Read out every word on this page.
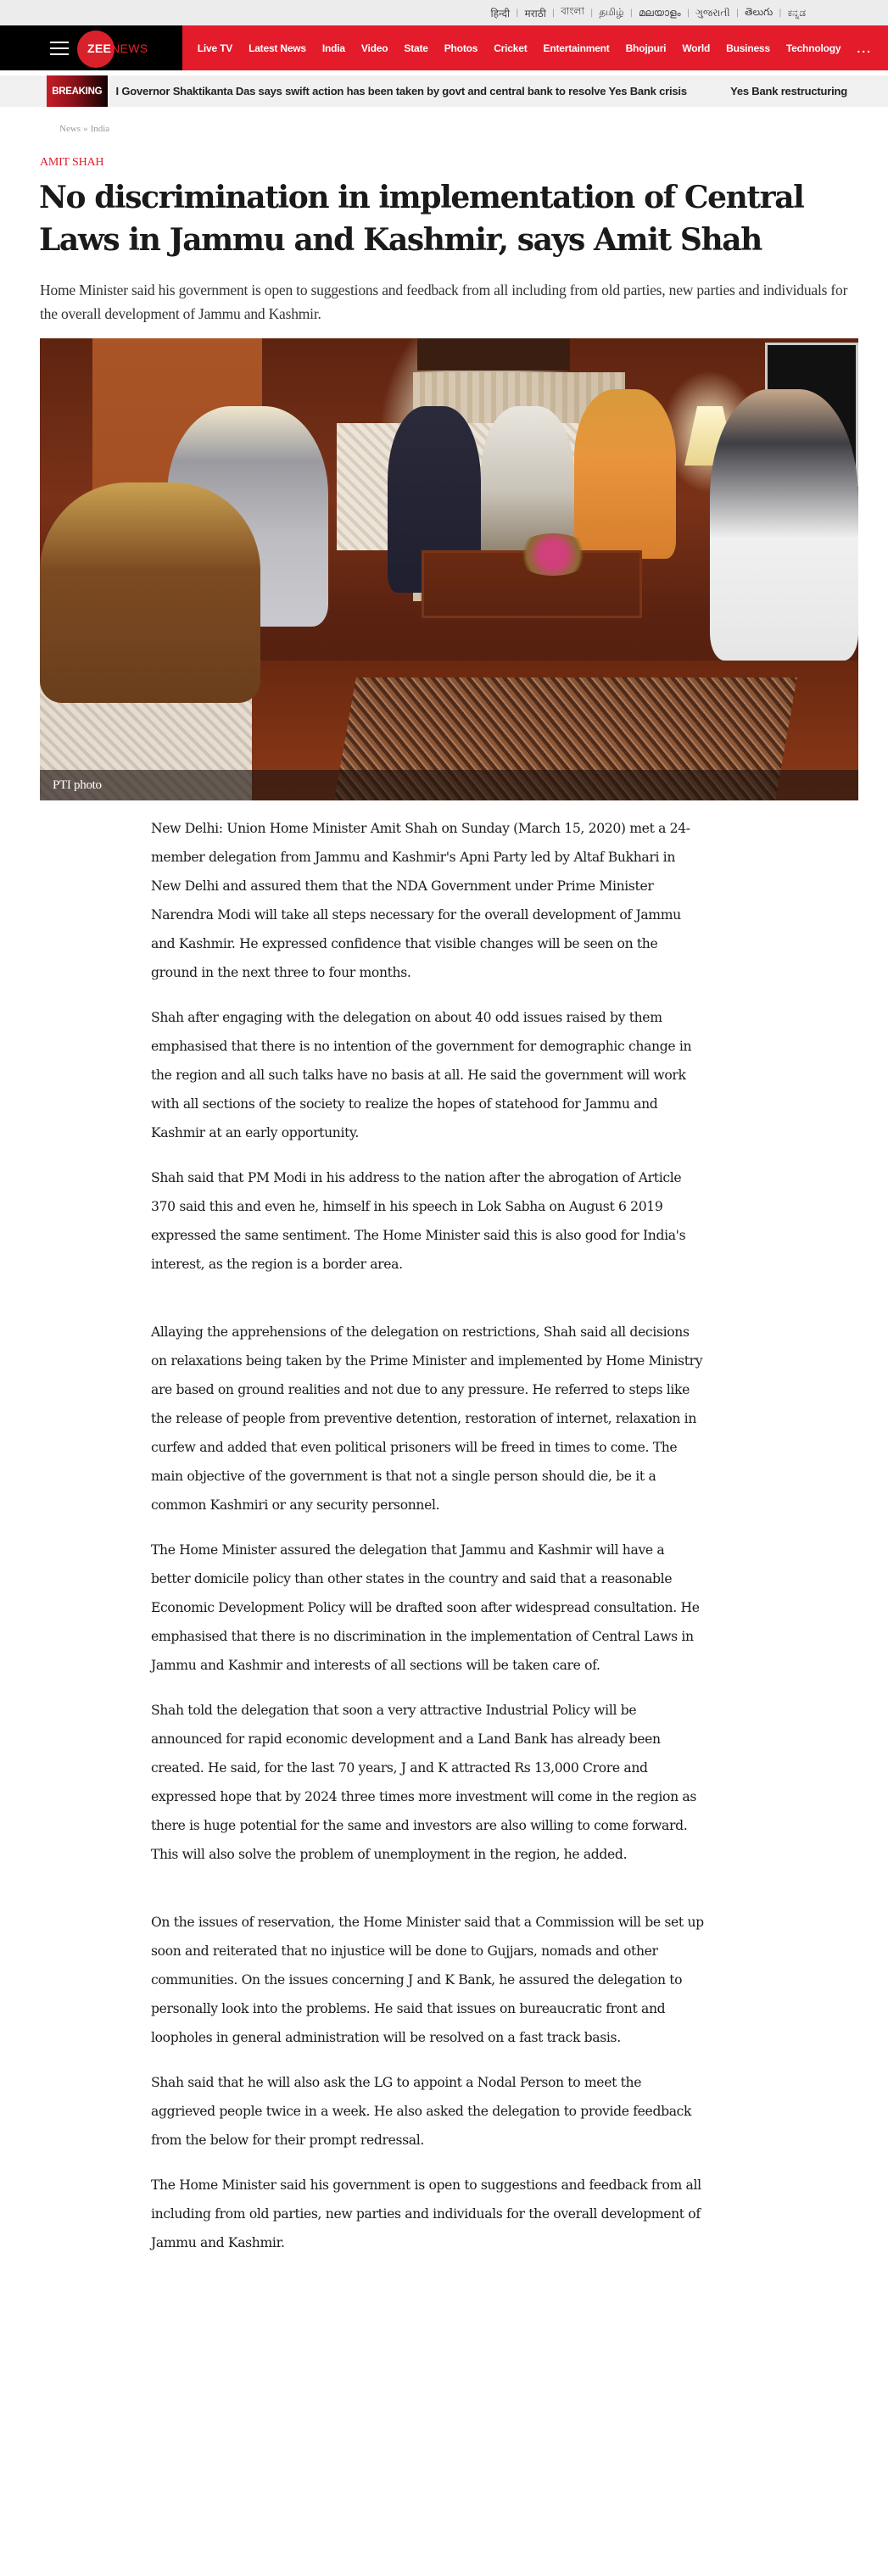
हिन्दी | मराठी | বাংলা | தமிழ் | മലയാളം | ગુજરાતી | తెలుగు | ಕನ್ನಡ
ZEE NEWS	Live TV Latest News India Video State Photos Cricket Entertainment Bhojpuri World Business Technology ...
BREAKING	I Governor Shaktikanta Das says swift action has been taken by govt and central bank to resolve Yes Bank crisis	Yes Bank restructuring
News » India
AMIT SHAH
No discrimination in implementation of Central Laws in Jammu and Kashmir, says Amit Shah

Home Minister said his government is open to suggestions and feedback from all including from old parties, new parties and individuals for the overall development of Jammu and Kashmir.

PTI photo

New Delhi: Union Home Minister Amit Shah on Sunday (March 15, 2020) met a 24-member delegation from Jammu and Kashmir's Apni Party led by Altaf Bukhari in New Delhi and assured them that the NDA Government under Prime Minister Narendra Modi will take all steps necessary for the overall development of Jammu and Kashmir. He expressed confidence that visible changes will be seen on the ground in the next three to four months.

Shah after engaging with the delegation on about 40 odd issues raised by them emphasised that there is no intention of the government for demographic change in the region and all such talks have no basis at all. He said the government will work with all sections of the society to realize the hopes of statehood for Jammu and Kashmir at an early opportunity.

Shah said that PM Modi in his address to the nation after the abrogation of Article 370 said this and even he, himself in his speech in Lok Sabha on August 6 2019 expressed the same sentiment. The Home Minister said this is also good for India's interest, as the region is a border area.

Allaying the apprehensions of the delegation on restrictions, Shah said all decisions on relaxations being taken by the Prime Minister and implemented by Home Ministry are based on ground realities and not due to any pressure. He referred to steps like the release of people from preventive detention, restoration of internet, relaxation in curfew and added that even political prisoners will be freed in times to come. The main objective of the government is that not a single person should die, be it a common Kashmiri or any security personnel.

The Home Minister assured the delegation that Jammu and Kashmir will have a better domicile policy than other states in the country and said that a reasonable Economic Development Policy will be drafted soon after widespread consultation. He emphasised that there is no discrimination in the implementation of Central Laws in Jammu and Kashmir and interests of all sections will be taken care of.

Shah told the delegation that soon a very attractive Industrial Policy will be announced for rapid economic development and a Land Bank has already been created. He said, for the last 70 years, J and K attracted Rs 13,000 Crore and expressed hope that by 2024 three times more investment will come in the region as there is huge potential for the same and investors are also willing to come forward. This will also solve the problem of unemployment in the region, he added.

On the issues of reservation, the Home Minister said that a Commission will be set up soon and reiterated that no injustice will be done to Gujjars, nomads and other communities. On the issues concerning J and K Bank, he assured the delegation to personally look into the problems. He said that issues on bureaucratic front and loopholes in general administration will be resolved on a fast track basis.

Shah said that he will also ask the LG to appoint a Nodal Person to meet the aggrieved people twice in a week. He also asked the delegation to provide feedback from the below for their prompt redressal.

The Home Minister said his government is open to suggestions and feedback from all including from old parties, new parties and individuals for the overall development of Jammu and Kashmir.
